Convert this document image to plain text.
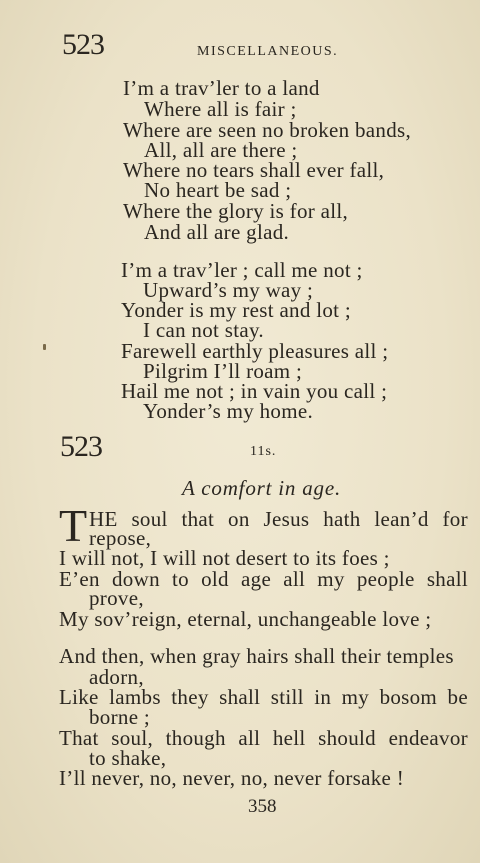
523	MISCELLANEOUS.
I’m a trav’ler to a land
Where all is fair ;
Where are seen no broken bands,
All, all are there ;
Where no tears shall ever fall,
No heart be sad ;
Where the glory is for all,
And all are glad.
I’m a trav’ler ; call me not ;
Upward’s my way ;
Yonder is my rest and lot ;
I can not stay.
Farewell earthly pleasures all ;
Pilgrim I’ll roam ;
Hail me not ; in vain you call ;
Yonder’s my home.
523	11s.
A comfort in age.
T HE soul that on Jesus hath lean’d for
repose,
I will not, I will not desert to its foes ;
E’en down to old age all my people shall
prove,
My sov’reign, eternal, unchangeable love ;
And then, when gray hairs shall their temples
adorn,
Like lambs they shall still in my bosom be
borne ;
That soul, though all hell should endeavor
to shake,
I’ll never, no, never, no, never forsake !
358
